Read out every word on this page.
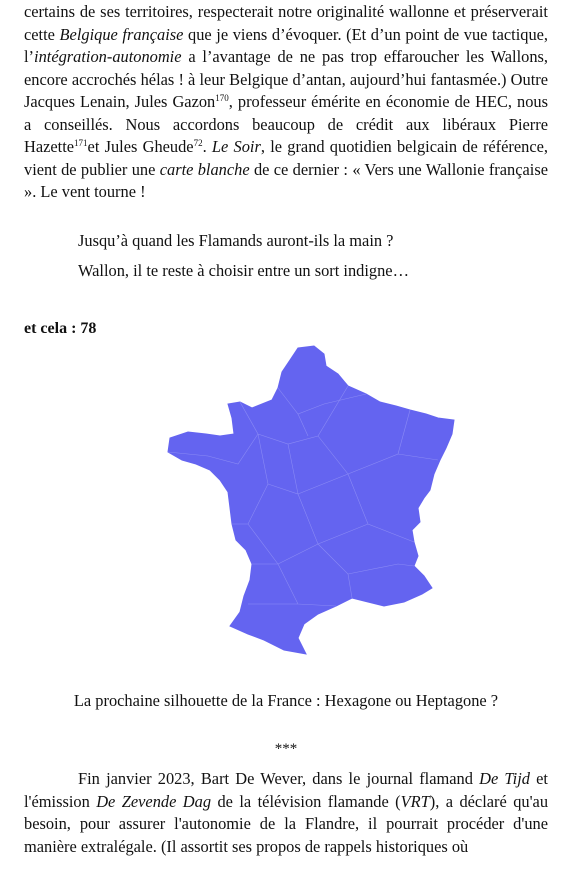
certains de ses territoires, respecterait notre originalité wallonne et préserverait cette Belgique française que je viens d’évoquer. (Et d’un point de vue tactique, l’intégration-autonomie a l’avantage de ne pas trop effaroucher les Wallons, encore accrochés hélas ! à leur Belgique d’antan, aujourd’hui fantasmée.) Outre Jacques Lenain, Jules Gazon$^{170}$, professeur émérite en économie de HEC, nous a conseillés. Nous accordons beaucoup de crédit aux libéraux Pierre Hazette$^{171}$et Jules Gheude$^{72}$. Le Soir, le grand quotidien belgicain de référence, vient de publier une carte blanche de ce dernier : « Vers une Wallonie française ». Le vent tourne !

Jusqu’à quand les Flamands auront-ils la main ?

Wallon, il te reste à choisir entre un sort indigne…

et cela : 78

La prochaine silhouette de la France : Hexagone ou Heptagone ?

***

Fin janvier 2023, Bart De Wever, dans le journal flamand De Tijd et l'émission De Zevende Dag de la télévision flamande (VRT), a déclaré qu'au besoin, pour assurer l'autonomie de la Flandre, il pourrait procéder d'une manière extralégale. (Il assortit ses propos de rappels historiques où
